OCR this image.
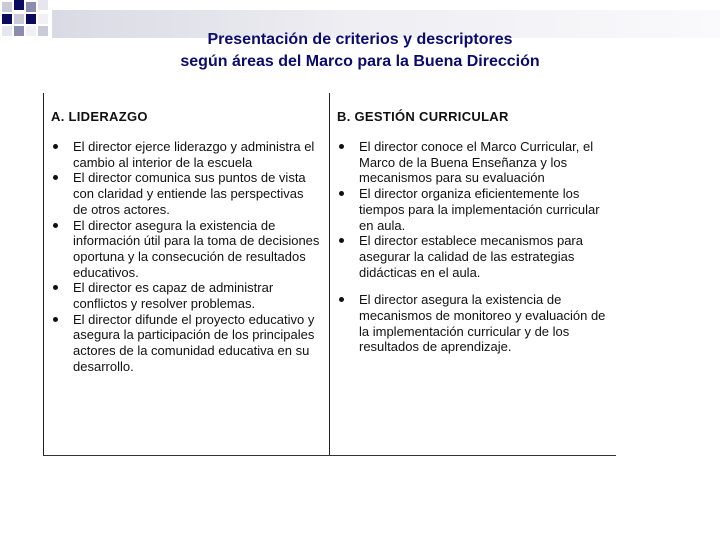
Presentación de criterios y descriptores
según áreas del Marco para la Buena Dirección
A. LIDERAZGO
El director ejerce liderazgo y administra el cambio al interior de la escuela
El director comunica sus puntos de vista con claridad y entiende las perspectivas de otros actores.
El director asegura la existencia de información útil para la toma de decisiones oportuna y la consecución de resultados educativos.
El director es capaz de administrar conflictos y resolver problemas.
El director difunde el proyecto educativo y asegura la participación de los principales actores de la comunidad educativa en su desarrollo.
B. GESTIÓN CURRICULAR
El director conoce el Marco Curricular, el Marco de la Buena Enseñanza y los mecanismos para su evaluación
El director organiza eficientemente los tiempos para la implementación curricular en aula.
El director establece mecanismos para asegurar la calidad de las estrategias didácticas en el aula.
El director asegura la existencia de mecanismos de monitoreo y evaluación de la implementación curricular y de los resultados de aprendizaje.
